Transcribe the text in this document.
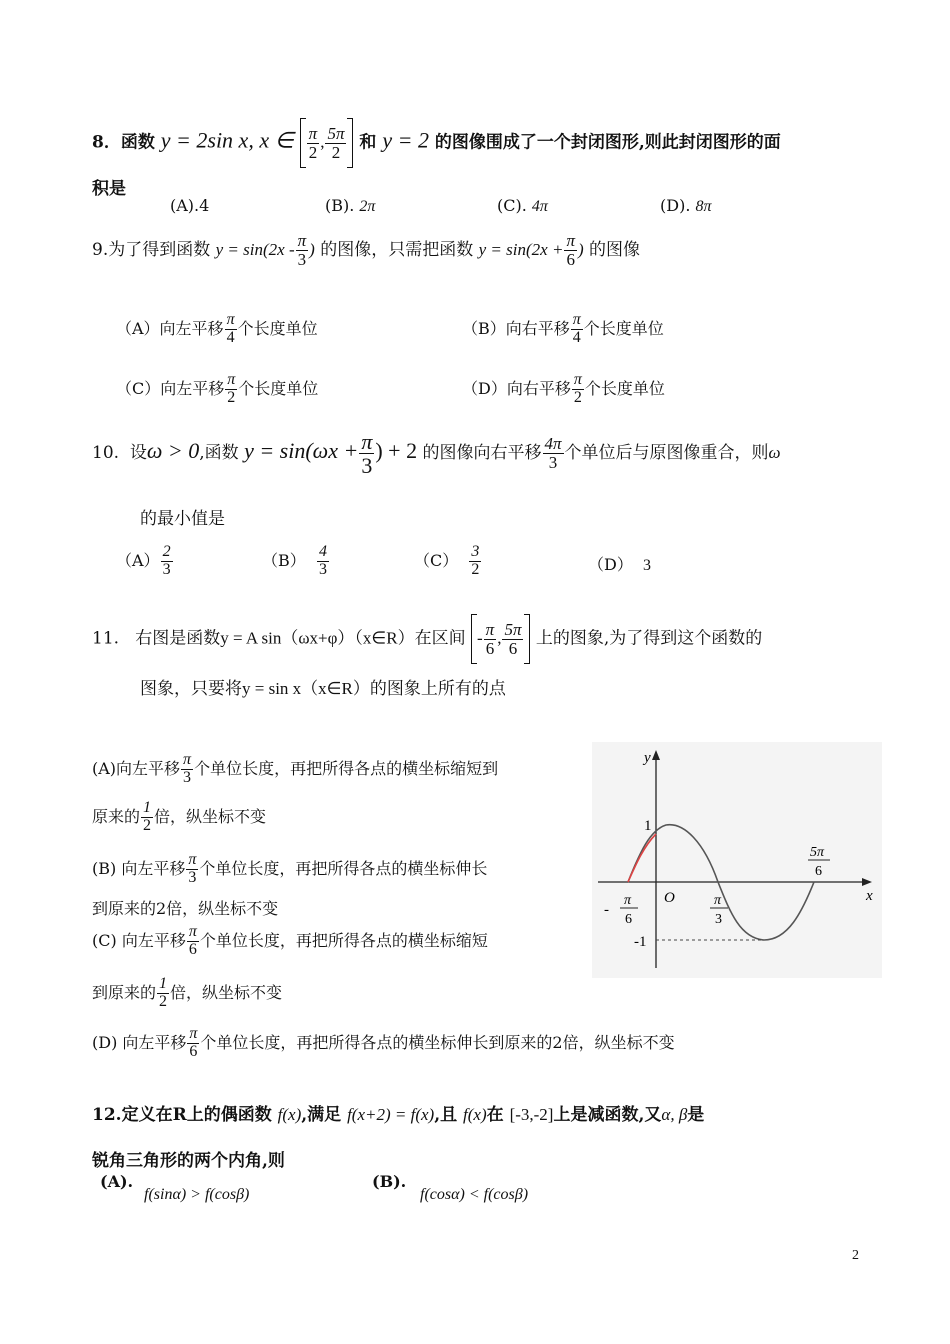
8．函数 y = 2sin x, x ∈ $\frac{\pi}{2}$ , $\frac{5\pi}{2}$ 和 y = 2 的图像围成了一个封闭图形,则此封闭图形的面
积是
(A).4	(B). 2π	(C). 4π	(D). 8π
9.为了得到函数 $y = \sin(2x - \frac{\pi}{3}$ ) 的图像，只需把函数 $y = \sin(2x + \frac{\pi}{6}$ ) 的图像
（A）向左平移 $\frac{\pi}{4}$ 个长度单位	（B）向右平移 $\frac{\pi}{4}$ 个长度单位
（C）向左平移 $\frac{\pi}{2}$ 个长度单位	（D）向右平移 $\frac{\pi}{2}$ 个长度单位
10. 设ω > 0,函数 $y = \sin(\omega x + \frac{\pi}{3}$ ) + 2 的图像向右平移 $\frac{4\pi}{3}$ 个单位后与原图像重合，则ω
的最小值是
$(A) \frac{2}{3}$	$(B) \frac{4}{3}$	$(C) \frac{3}{2}$	（D） 3
11. 右图是函数y = A sin（ωx+φ）（x∈R）在区间 - $\frac{\pi}{6}$ , $\frac{5\pi}{6}$ 上的图象,为了得到这个函数的
图象，只要将y = sin x（x∈R）的图象上所有的点
(A)向左平移 $\frac{\pi}{3}$ 个单位长度，再把所得各点的横坐标缩短到
原来的 $\frac{1}{2}$ 倍，纵坐标不变
(B) 向左平移 $\frac{\pi}{3}$ 个单位长度，再把所得各点的横坐标伸长
到原来的2倍，纵坐标不变
(C) 向左平移 $\frac{\pi}{6}$ 个单位长度，再把所得各点的横坐标缩短
到原来的 $\frac{1}{2}$ 倍，纵坐标不变
(D) 向左平移 $\frac{\pi}{6}$ 个单位长度，再把所得各点的横坐标伸长到原来的2倍，纵坐标不变
y
x
O
1
-1
-
π
6
π
3
5π
6
12.定义在R上的偶函数 f(x),满足 f(x+2) = f(x),且 f(x)在 [-3,-2]上是减函数,又α, β是
锐角三角形的两个内角,则
(A).
f(sinα) > f(cosβ)
(B).
f(cosα) < f(cosβ)
2
